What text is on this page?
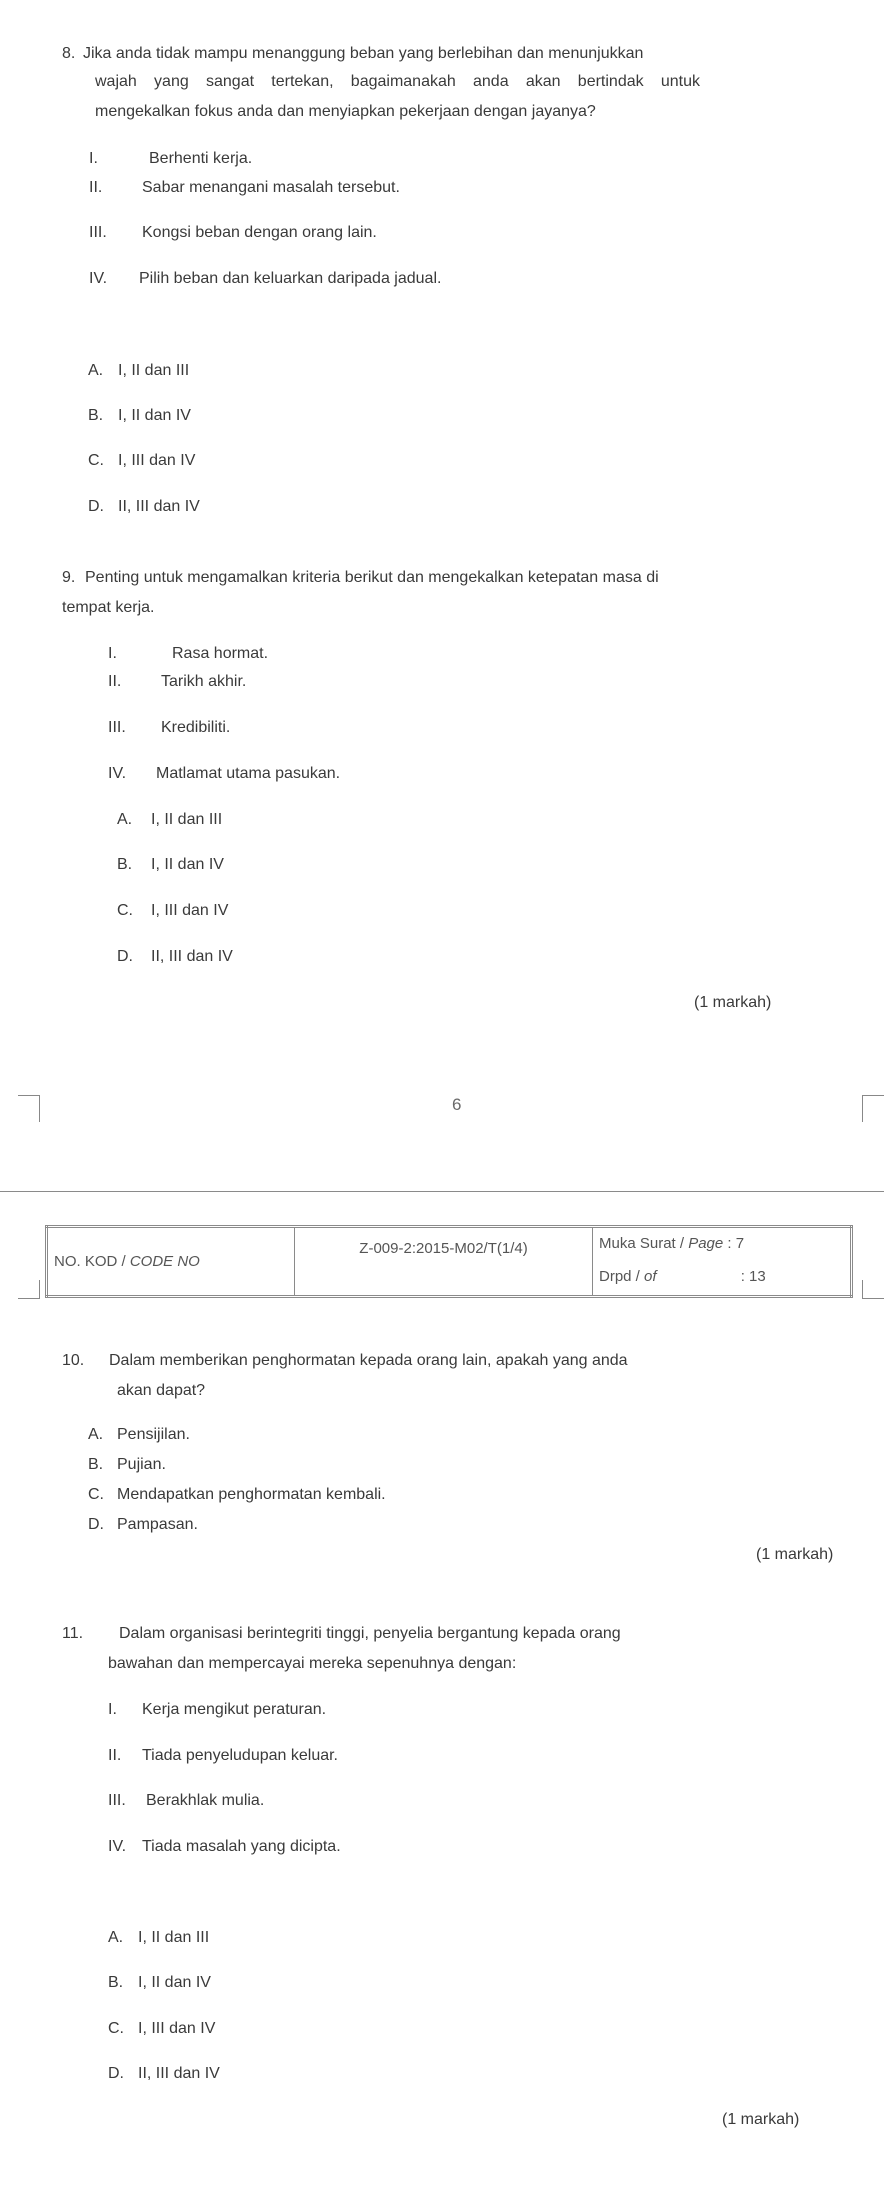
8. Jika anda tidak mampu menanggung beban yang berlebihan dan menunjukkan
wajah yang sangat tertekan, bagaimanakah anda akan bertindak untuk
mengekalkan fokus anda dan menyiapkan pekerjaan dengan jayanya?
I.	Berhenti kerja.
II. Sabar menangani masalah tersebut.
III. Kongsi beban dengan orang lain.
IV. Pilih beban dan keluarkan daripada jadual.
A. I, II dan III
B. I, II dan IV
C. I, III dan IV
D. II, III dan IV
9. Penting untuk mengamalkan kriteria berikut dan mengekalkan ketepatan masa di
tempat kerja.
I.	Rasa hormat.
II. Tarikh akhir.
III. Kredibiliti.
IV. Matlamat utama pasukan.
A. I, II dan III
B. I, II dan IV
C. I, III dan IV
D. II, III dan IV
(1 markah)
6
NO. KOD / CODE NO	Z-009-2:2015-M02/T(1/4)	Muka Surat / Page : 7
Drpd / of	: 13
10. Dalam memberikan penghormatan kepada orang lain, apakah yang anda
akan dapat?
A. Pensijilan.
B. Pujian.
C. Mendapatkan penghormatan kembali.
D. Pampasan.
(1 markah)
11. Dalam organisasi berintegriti tinggi, penyelia bergantung kepada orang
bawahan dan mempercayai mereka sepenuhnya dengan:
I. Kerja mengikut peraturan.
II. Tiada penyeludupan keluar.
III. Berakhlak mulia.
IV. Tiada masalah yang dicipta.
A. I, II dan III
B. I, II dan IV
C. I, III dan IV
D. II, III dan IV
(1 markah)
